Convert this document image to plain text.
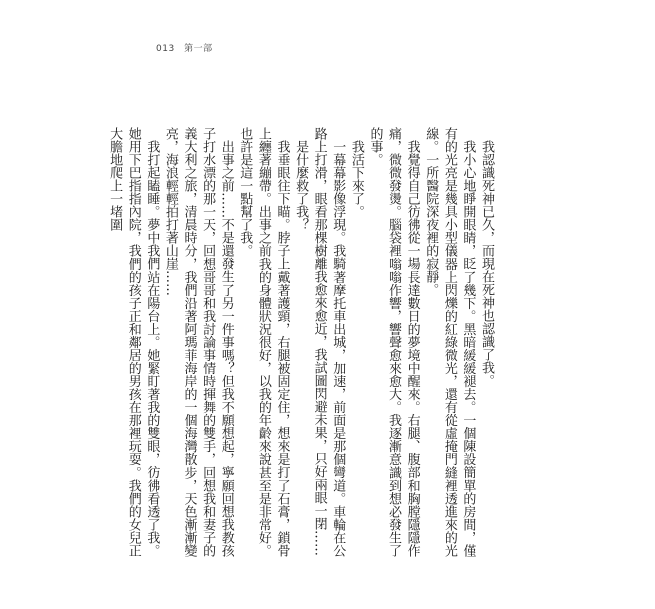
013 第一部

我認識死神已久，而現在死神也認識了我。

我小心地睜開眼睛，眨了幾下。黑暗緩緩褪去。一個陳設簡單的房間，僅有的光亮是幾具小型儀器上閃爍的紅綠微光，還有從虛掩門縫裡透進來的光線。一所醫院深夜裡的寂靜。

我覺得自己彷彿從一場長達數日的夢境中醒來。右腿、腹部和胸膛隱隱作痛，微微發燙。腦袋裡嗡嗡作響，響聲愈來愈大。我逐漸意識到想必發生了的事。

我活下來了。

一幕幕影像浮現。我騎著摩托車出城，加速，前面是那個彎道。車輪在公路上打滑，眼看那棵樹離我愈來愈近，我試圖閃避未果，只好兩眼一閉……

是什麼救了我？

我垂眼往下瞄。脖子上戴著護頸，右腿被固定住，想來是打了石膏，鎖骨上纏著繃帶。出事之前我的身體狀況很好，以我的年齡來說甚至是非常好。也許是這一點幫了我。

出事之前……不是還發生了另一件事嗎？但我不願想起，寧願回想我教孩子打水漂的那一天，回想哥哥和我討論事情時揮舞的雙手，回想我和妻子的義大利之旅，清晨時分，我們沿著阿瑪菲海岸的一個海灣散步，天色漸漸變亮，海浪輕輕拍打著山崖……

我打起瞌睡。夢中我們站在陽台上。她緊盯著我的雙眼，彷彿看透了我。她用下巴指指內院，我們的孩子正和鄰居的男孩在那裡玩耍。我們的女兒正大膽地爬上一堵圍
